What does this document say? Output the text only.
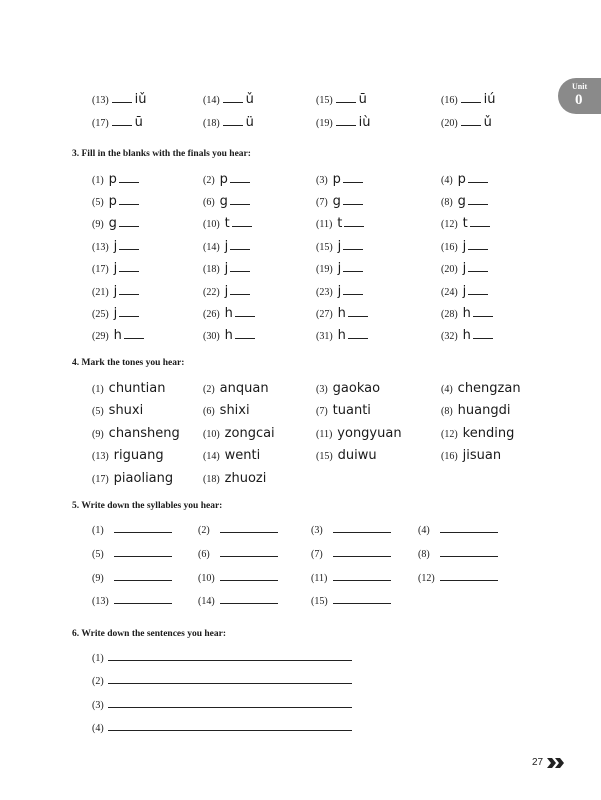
Unit
0
(13) iǔ	(14) ǔ	(15) ū	(16) iú
(17) ū	(18) ü	(19) iù	(20) ǔ
3. Fill in the blanks with the finals you hear:
(1) p	(2) p	(3) p	(4) p
(5) p	(6) g	(7) g	(8) g
(9) g	(10) t	(11) t	(12) t
(13) j	(14) j	(15) j	(16) j
(17) j	(18) j	(19) j	(20) j
(21) j	(22) j	(23) j	(24) j
(25) j	(26) h	(27) h	(28) h
(29) h	(30) h	(31) h	(32) h
4. Mark the tones you hear:
(1) chuntian	(2) anquan	(3) gaokao	(4) chengzan
(5) shuxi	(6) shixi	(7) tuanti	(8) huangdi
(9) chansheng (10) zongcai	(11) yongyuan	(12) kending
(13) riguang	(14) wenti	(15) duiwu	(16) jisuan
(17) piaoliang	(18) zhuozi
5. Write down the syllables you hear:
(1)	(2)	(3)	(4)
(5)	(6)	(7)	(8)
(9)	(10)	(11)	(12)
(13)	(14)	(15)
6. Write down the sentences you hear:
(1)
(2)
(3)
(4)
27
